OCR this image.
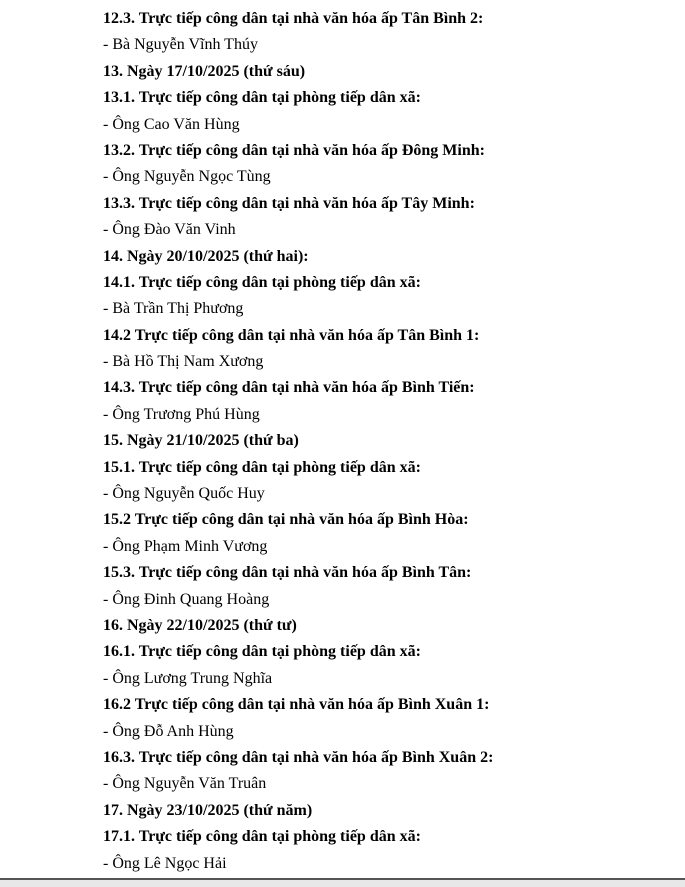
12.3. Trực tiếp công dân tại nhà văn hóa ấp Tân Bình 2:
- Bà Nguyễn Vĩnh Thúy
13. Ngày 17/10/2025 (thứ sáu)
13.1. Trực tiếp công dân tại phòng tiếp dân xã:
- Ông Cao Văn Hùng
13.2. Trực tiếp công dân tại nhà văn hóa ấp Đông Minh:
- Ông Nguyễn Ngọc Tùng
13.3. Trực tiếp công dân tại nhà văn hóa ấp Tây Minh:
- Ông Đào Văn Vinh
14. Ngày 20/10/2025 (thứ hai):
14.1. Trực tiếp công dân tại phòng tiếp dân xã:
- Bà Trần Thị Phương
14.2 Trực tiếp công dân tại nhà văn hóa ấp Tân Bình 1:
- Bà Hồ Thị Nam Xương
14.3. Trực tiếp công dân tại nhà văn hóa ấp Bình Tiến:
- Ông Trương Phú Hùng
15. Ngày 21/10/2025 (thứ ba)
15.1. Trực tiếp công dân tại phòng tiếp dân xã:
- Ông Nguyễn Quốc Huy
15.2 Trực tiếp công dân tại nhà văn hóa ấp Bình Hòa:
- Ông Phạm Minh Vương
15.3. Trực tiếp công dân tại nhà văn hóa ấp Bình Tân:
- Ông Đinh Quang Hoàng
16. Ngày 22/10/2025 (thứ tư)
16.1. Trực tiếp công dân tại phòng tiếp dân xã:
- Ông Lương Trung Nghĩa
16.2 Trực tiếp công dân tại nhà văn hóa ấp Bình Xuân 1:
- Ông Đỗ Anh Hùng
16.3. Trực tiếp công dân tại nhà văn hóa ấp Bình Xuân 2:
- Ông Nguyễn Văn Truân
17. Ngày 23/10/2025 (thứ năm)
17.1. Trực tiếp công dân tại phòng tiếp dân xã:
- Ông Lê Ngọc Hải
